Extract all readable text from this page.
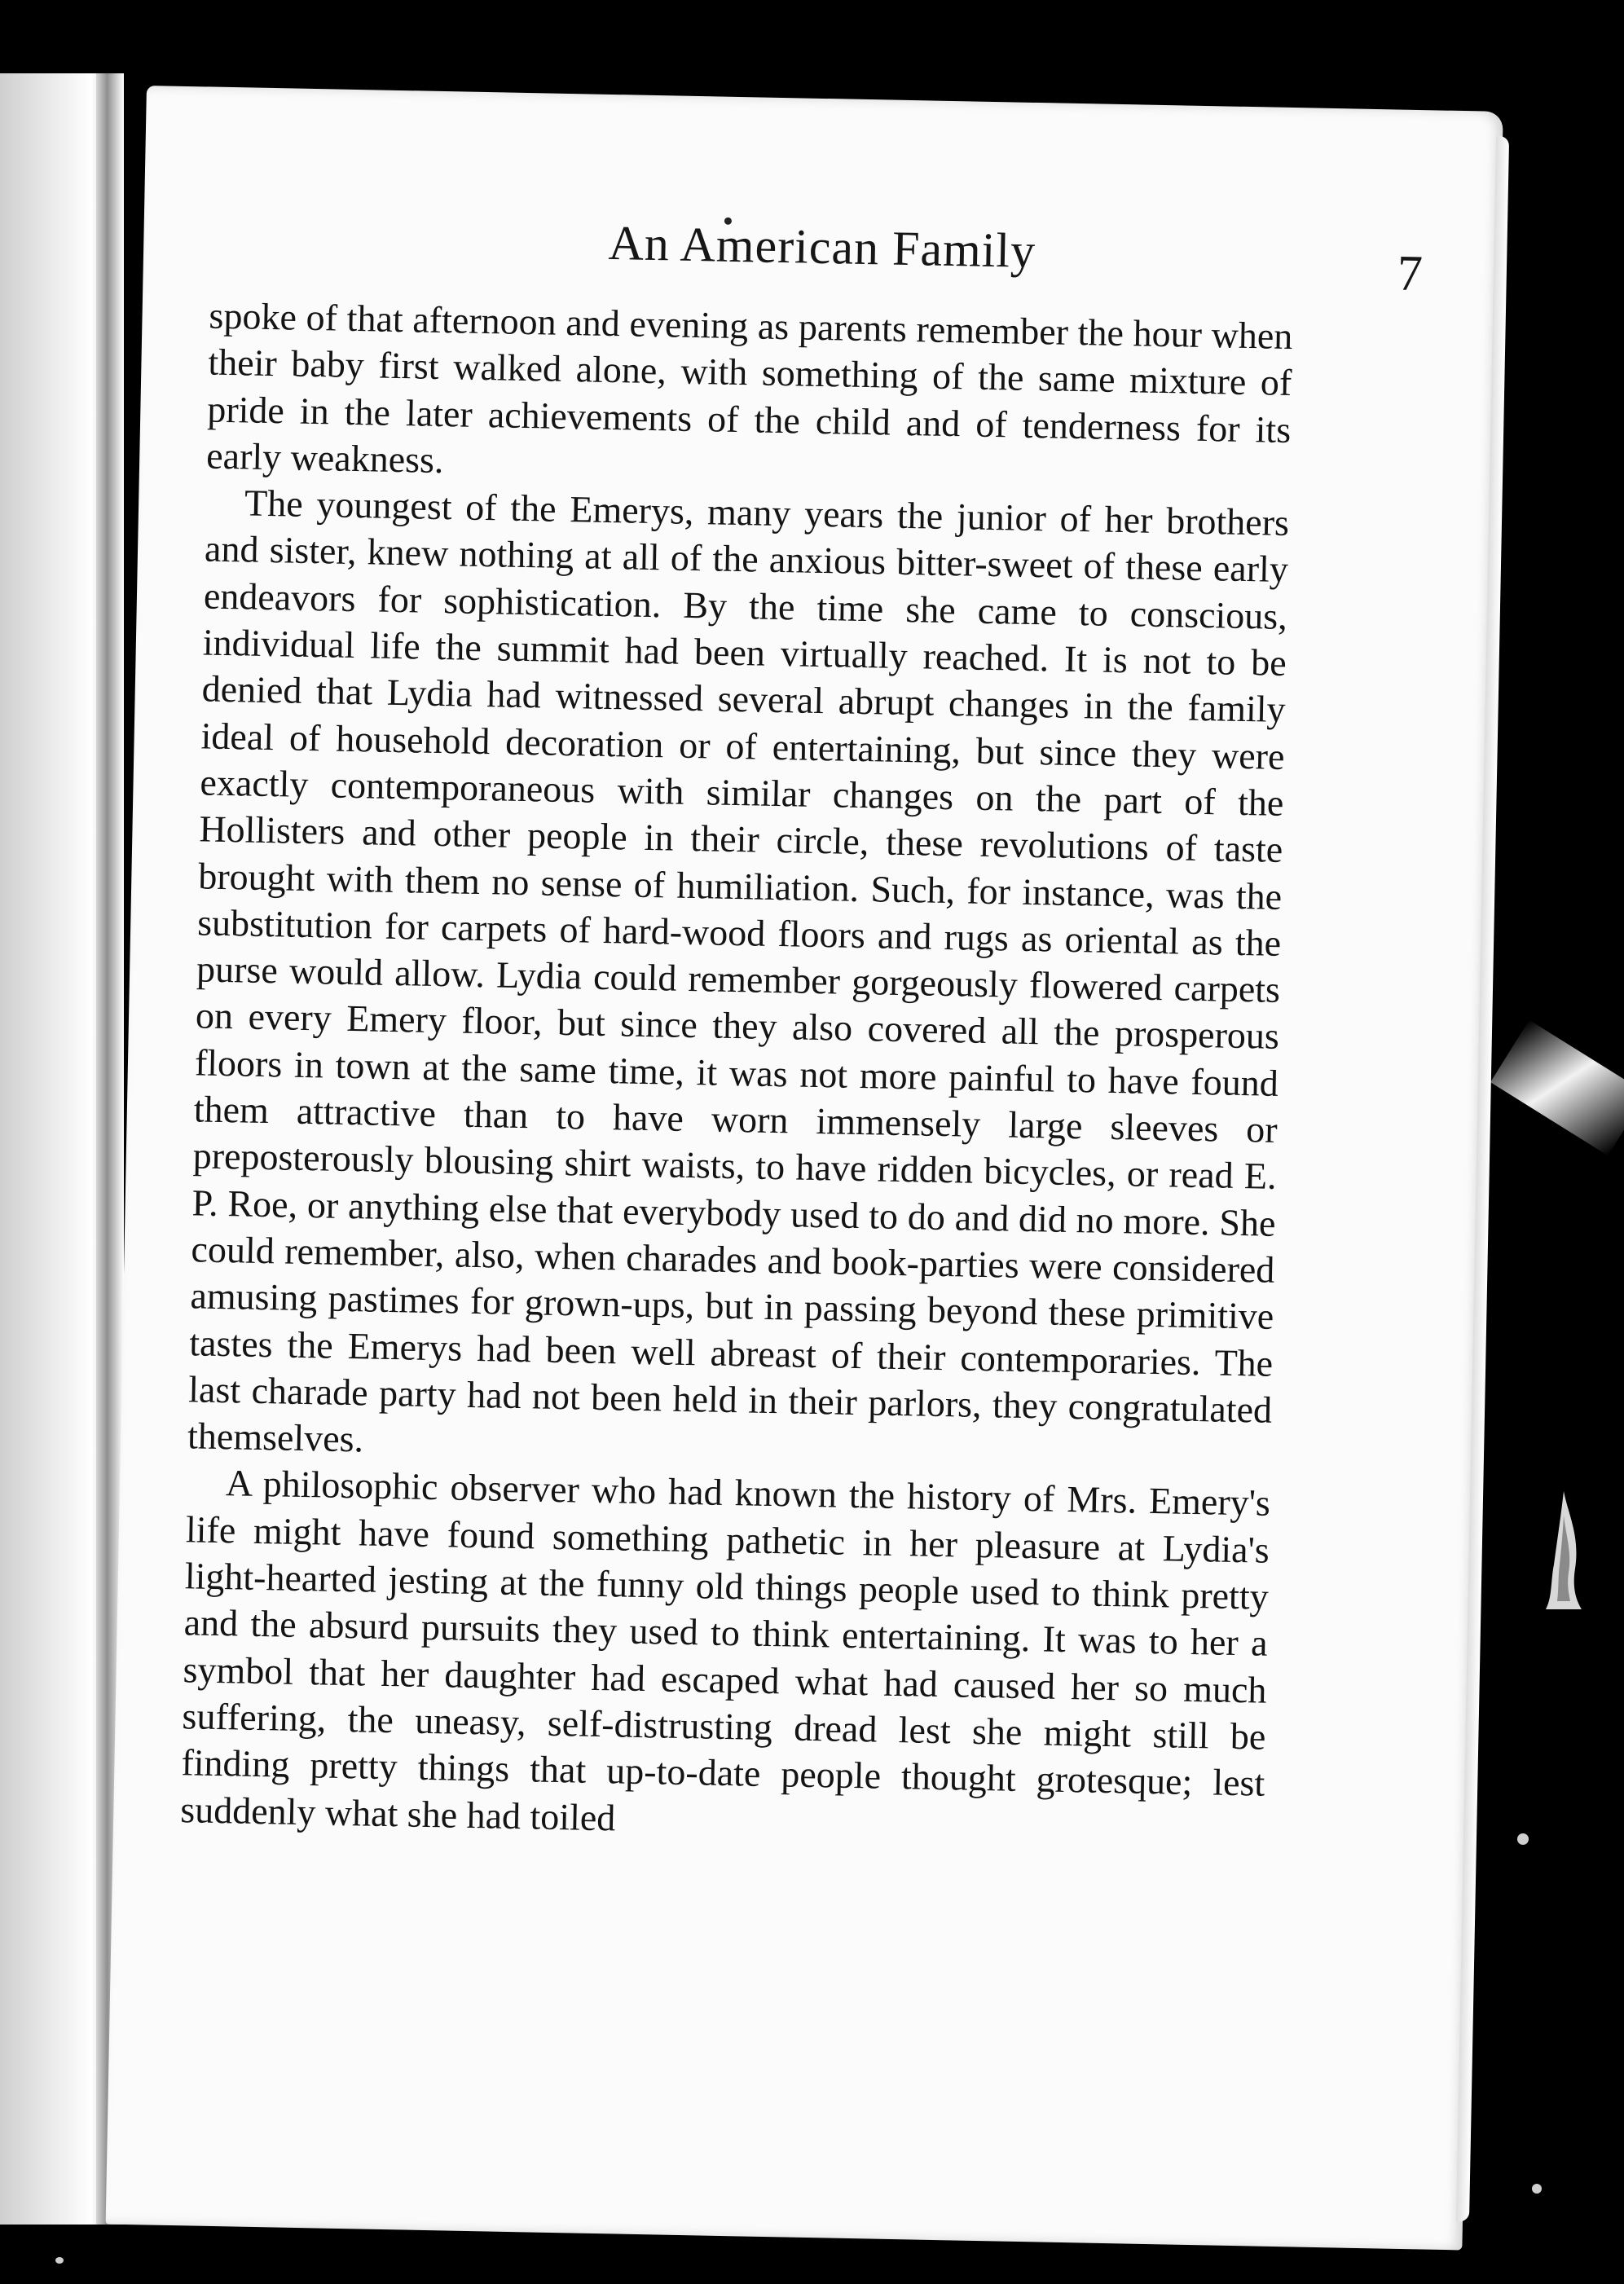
An American Family	7

spoke of that afternoon and evening as parents remember the hour when their baby first walked alone, with something of the same mixture of pride in the later achievements of the child and of tenderness for its early weakness.

The youngest of the Emerys, many years the junior of her brothers and sister, knew nothing at all of the anxious bitter-sweet of these early endeavors for sophistication. By the time she came to conscious, individual life the summit had been virtually reached. It is not to be denied that Lydia had witnessed several abrupt changes in the family ideal of household decoration or of entertaining, but since they were exactly contemporaneous with similar changes on the part of the Hollisters and other people in their circle, these revolutions of taste brought with them no sense of humiliation. Such, for instance, was the substitution for carpets of hard-wood floors and rugs as oriental as the purse would allow. Lydia could remember gorgeously flowered carpets on every Emery floor, but since they also covered all the prosperous floors in town at the same time, it was not more painful to have found them attractive than to have worn immensely large sleeves or preposterously blousing shirt waists, to have ridden bicycles, or read E. P. Roe, or anything else that everybody used to do and did no more. She could remember, also, when charades and book-parties were considered amusing pastimes for grown-ups, but in passing beyond these primitive tastes the Emerys had been well abreast of their contemporaries. The last charade party had not been held in their parlors, they congratulated themselves.

A philosophic observer who had known the history of Mrs. Emery's life might have found something pathetic in her pleasure at Lydia's light-hearted jesting at the funny old things people used to think pretty and the absurd pursuits they used to think entertaining. It was to her a symbol that her daughter had escaped what had caused her so much suffering, the uneasy, self-distrusting dread lest she might still be finding pretty things that up-to-date people thought grotesque; lest suddenly what she had toiled
